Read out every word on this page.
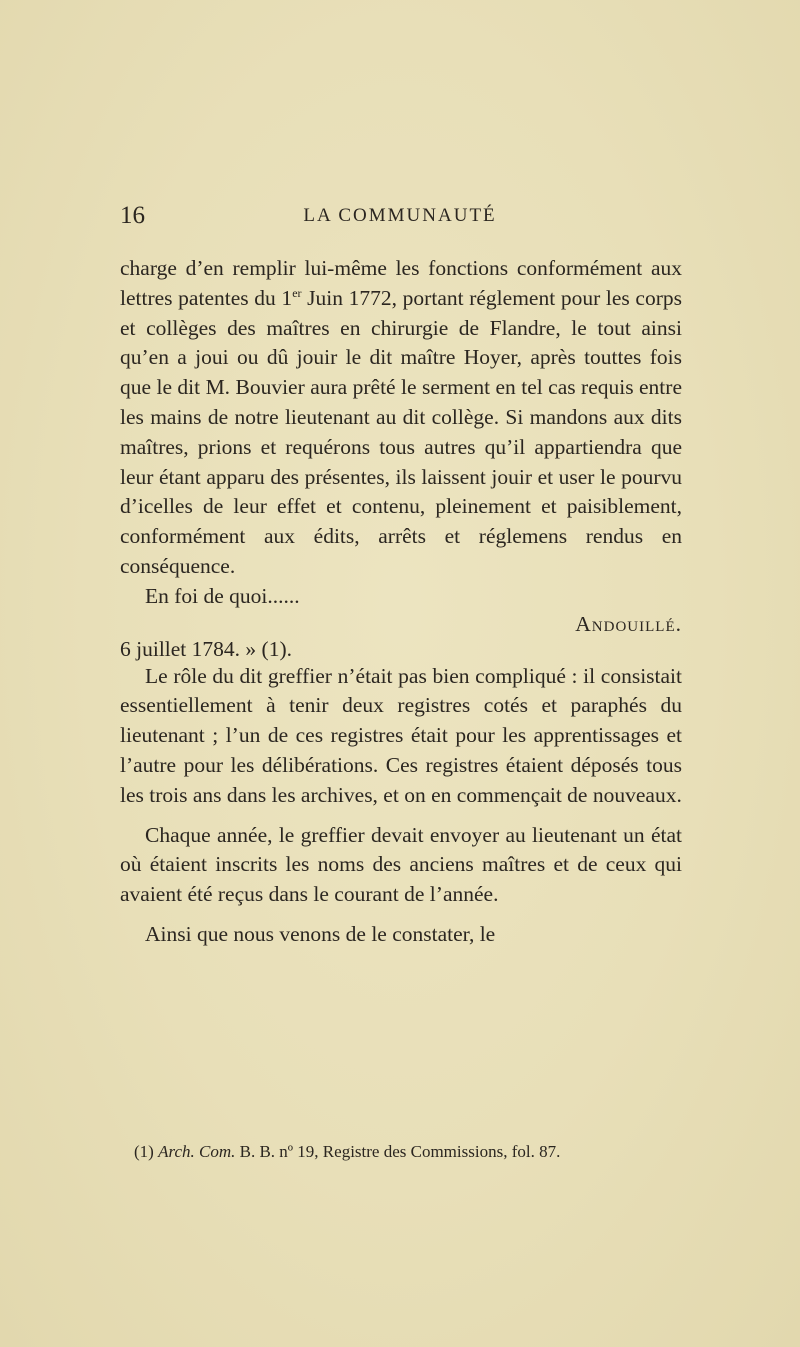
16	LA COMMUNAUTÉ

charge d’en remplir lui-même les fonctions conformément aux lettres patentes du 1er Juin 1772, portant réglement pour les corps et collèges des maîtres en chirurgie de Flandre, le tout ainsi qu’en a joui ou dû jouir le dit maître Hoyer, après touttes fois que le dit M. Bouvier aura prêté le serment en tel cas requis entre les mains de notre lieutenant au dit collège. Si mandons aux dits maîtres, prions et requérons tous autres qu’il appartiendra que leur étant apparu des présentes, ils laissent jouir et user le pourvu d’icelles de leur effet et contenu, pleinement et paisiblement, conformément aux édits, arrêts et réglemens rendus en conséquence.

En foi de quoi......

Andouillé.

6 juillet 1784. » (1).

Le rôle du dit greffier n’était pas bien compliqué : il consistait essentiellement à tenir deux registres cotés et paraphés du lieutenant ; l’un de ces registres était pour les apprentissages et l’autre pour les délibérations. Ces registres étaient déposés tous les trois ans dans les archives, et on en commençait de nouveaux.

Chaque année, le greffier devait envoyer au lieutenant un état où étaient inscrits les noms des anciens maîtres et de ceux qui avaient été reçus dans le courant de l’année.

Ainsi que nous venons de le constater, le

(1) Arch. Com. B. B. nº 19, Registre des Commissions, fol. 87.
